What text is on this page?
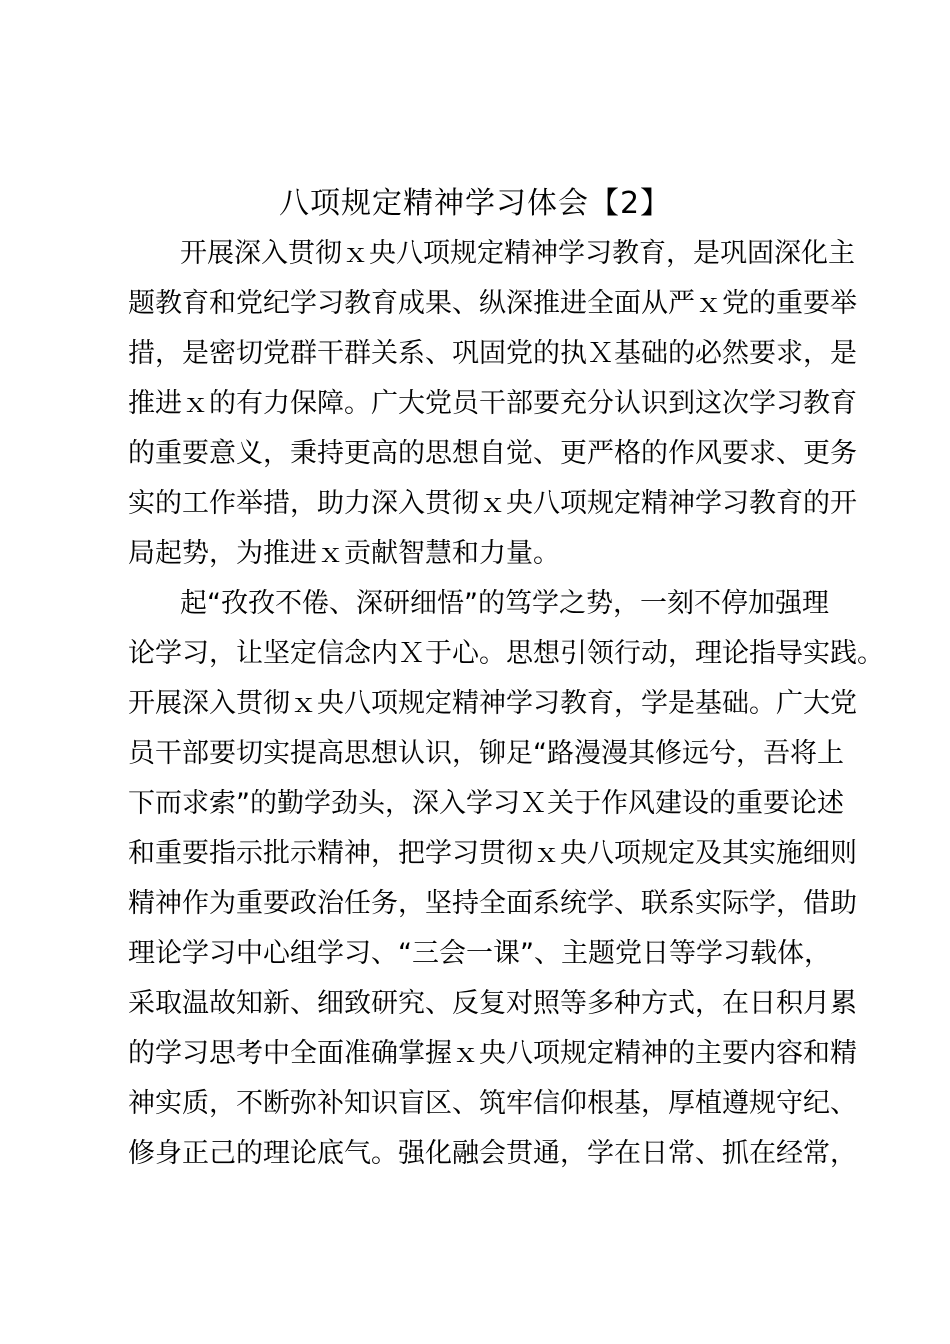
八项规定精神学习体会【2】
开展深入贯彻ｘ央八项规定精神学习教育，是巩固深化主
题教育和党纪学习教育成果、纵深推进全面从严ｘ党的重要举
措，是密切党群干群关系、巩固党的执Ｘ基础的必然要求，是
推进ｘ的有力保障。广大党员干部要充分认识到这次学习教育
的重要意义，秉持更高的思想自觉、更严格的作风要求、更务
实的工作举措，助力深入贯彻ｘ央八项规定精神学习教育的开
局起势，为推进ｘ贡献智慧和力量。
起“孜孜不倦、深研细悟”的笃学之势，一刻不停加强理
论学习，让坚定信念内Ｘ于心。思想引领行动，理论指导实践。
开展深入贯彻ｘ央八项规定精神学习教育，学是基础。广大党
员干部要切实提高思想认识，铆足“路漫漫其修远兮，吾将上
下而求索”的勤学劲头，深入学习Ｘ关于作风建设的重要论述
和重要指示批示精神，把学习贯彻ｘ央八项规定及其实施细则
精神作为重要政治任务，坚持全面系统学、联系实际学，借助
理论学习中心组学习、“三会一课”、主题党日等学习载体，
采取温故知新、细致研究、反复对照等多种方式，在日积月累
的学习思考中全面准确掌握ｘ央八项规定精神的主要内容和精
神实质，不断弥补知识盲区、筑牢信仰根基，厚植遵规守纪、
修身正己的理论底气。强化融会贯通，学在日常、抓在经常，
